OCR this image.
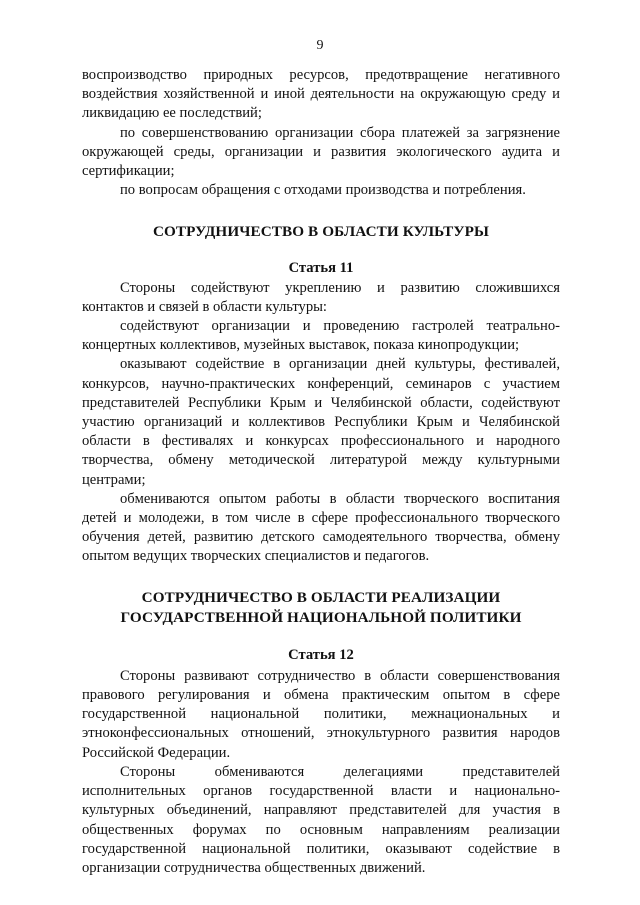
9

воспроизводство природных ресурсов, предотвращение негативного воздействия хозяйственной и иной деятельности на окружающую среду и ликвидацию ее последствий;

по совершенствованию организации сбора платежей за загрязнение окружающей среды, организации и развития экологического аудита и сертификации;

по вопросам обращения с отходами производства и потребления.

СОТРУДНИЧЕСТВО В ОБЛАСТИ КУЛЬТУРЫ
Статья 11

Стороны содействуют укреплению и развитию сложившихся контактов и связей в области культуры:

содействуют организации и проведению гастролей театрально-концертных коллективов, музейных выставок, показа кинопродукции;

оказывают содействие в организации дней культуры, фестивалей, конкурсов, научно-практических конференций, семинаров с участием представителей Республики Крым и Челябинской области, содействуют участию организаций и коллективов Республики Крым и Челябинской области в фестивалях и конкурсах профессионального и народного творчества, обмену методической литературой между культурными центрами;

обмениваются опытом работы в области творческого воспитания детей и молодежи, в том числе в сфере профессионального творческого обучения детей, развитию детского самодеятельного творчества, обмену опытом ведущих творческих специалистов и педагогов.

СОТРУДНИЧЕСТВО В ОБЛАСТИ РЕАЛИЗАЦИИ
ГОСУДАРСТВЕННОЙ НАЦИОНАЛЬНОЙ ПОЛИТИКИ
Статья 12

Стороны развивают сотрудничество в области совершенствования правового регулирования и обмена практическим опытом в сфере государственной национальной политики, межнациональных и этноконфессиональных отношений, этнокультурного развития народов Российской Федерации.

Стороны обмениваются делегациями представителей исполнительных органов государственной власти и национально-культурных объединений, направляют представителей для участия в общественных форумах по основным направлениям реализации государственной национальной политики, оказывают содействие в организации сотрудничества общественных движений.
